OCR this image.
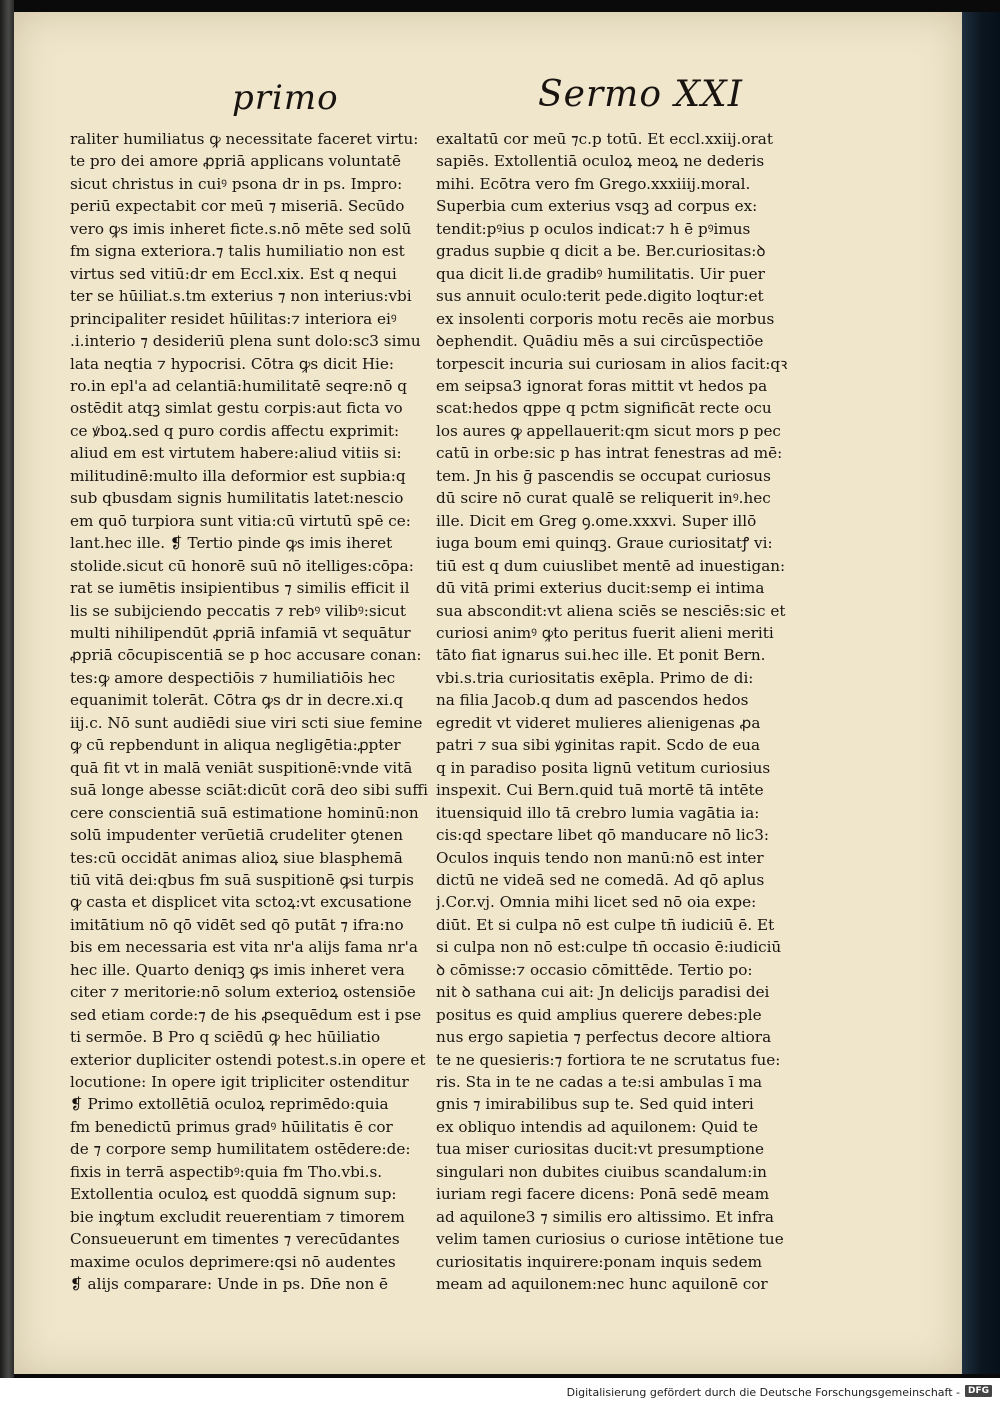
primo	Sermo XXI
raliter humiliatus ꝙ necessitate faceret virtu:
te pro dei amore ꝓpriā applicans voluntatē
sicut christus in cuiꝰ psona dr in ps. Impro:
periū expectabit cor meū ⁊ miseriā. Secūdo
vero ꝙs imis inheret ficte.s.nō mēte sed solū
fm signa exteriora.⁊ talis humiliatio non est
virtus sed vitiū:dr em Eccl.xix. Est q nequi
ter se hūiliat.s.tm exterius ⁊ non interius:vbi
principaliter residet hūilitas:⁊ interiora eiꝰ
.i.interio ⁊ desideriū plena sunt dolo:sc3 simu
lata neqtia ⁊ hypocrisi. Cōtra ꝙs dicit Hie:
ro.in epl'a ad celantiā:humilitatē seqre:nō q
ostēdit atqꝫ simlat gestu corpis:aut ficta vo
ce ꝟboꝝ.sed q puro cordis affectu exprimit:
aliud em est virtutem habere:aliud vitiis si:
militudinē:multo illa deformior est supbia:q
sub qbusdam signis humilitatis latet:nescio
em quō turpiora sunt vitia:cū virtutū spē ce:
lant.hec ille. ❡ Tertio pinde ꝙs imis iheret
stolide.sicut cū honorē suū nō itelliges:cōpa:
rat se iumētis insipientibus ⁊ similis efficit il
lis se subijciendo peccatis ⁊ rebꝰ vilibꝰ:sicut
multi nihilipendūt ꝓpriā infamiā vt sequātur
ꝓpriā cōcupiscentiā se p hoc accusare conan:
tes:ꝙ amore despectiōis ⁊ humiliatiōis hec
equanimit tolerāt. Cōtra ꝙs dr in decre.xi.q
iij.c. Nō sunt audiēdi siue viri scti siue femine
ꝙ cū repbendunt in aliqua negligētia:ꝓpter
quā fit vt in malā veniāt suspitionē:vnde vitā
suā longe abesse sciāt:dicūt corā deo sibi suffi
cere conscientiā suā estimatione hominū:non
solū impudenter verūetiā crudeliter ꝯtenen
tes:cū occidāt animas alioꝝ siue blasphemā
tiū vitā dei:qbus fm suā suspitionē ꝙsi turpis
ꝙ casta et displicet vita sctoꝝ:vt excusatione
imitātium nō qō vidēt sed qō putāt ⁊ ifra:no
bis em necessaria est vita nr'a alijs fama nr'a
hec ille. Quarto deniqꝫ ꝙs imis inheret vera
citer ⁊ meritorie:nō solum exterioꝝ ostensiōe
sed etiam corde:⁊ de his ꝓsequēdum est i pse
ti sermōe. B Pro q sciēdū ꝙ hec hūiliatio
exterior dupliciter ostendi potest.s.in opere et
locutione: In opere igit tripliciter ostenditur
❡ Primo extollētiā oculoꝝ reprimēdo:quia
fm benedictū primus gradꝰ hūilitatis ē cor
de ⁊ corpore semp humilitatem ostēdere:de:
fixis in terrā aspectibꝰ:quia fm Tho.vbi.s.
Extollentia oculoꝝ est quoddā signum sup:
bie inꝙtum excludit reuerentiam ⁊ timorem
Consueuerunt em timentes ⁊ verecūdantes
maxime oculos deprimere:qsi nō audentes
❡ alijs comparare: Unde in ps. Dn̄e non ē
exaltatū cor meū ⁊c.p totū. Et eccl.xxiij.orat
sapiēs. Extollentiā oculoꝝ meoꝝ ne dederis
mihi. Ecōtra vero fm Grego.xxxiiij.moral.
Superbia cum exterius vsqꝫ ad corpus ex:
tendit:pꝰius p oculos indicat:⁊ h ē pꝰimus
gradus supbie q dicit a be. Ber.curiositas:ꝺ
qua dicit li.de gradibꝰ humilitatis. Uir puer
sus annuit oculo:terit pede.digito loqtur:et
ex insolenti corporis motu recēs aie morbus
ꝺephendit. Quādiu mēs a sui circūspectiōe
torpescit incuria sui curiosam in alios facit:qꝛ
em seipsa3 ignorat foras mittit vt hedos pa
scat:hedos qppe q pctm significāt recte ocu
los aures ꝙ appellauerit:qm sicut mors p pec
catū in orbe:sic p has intrat fenestras ad mē:
tem. Jn his ḡ pascendis se occupat curiosus
dū scire nō curat qualē se reliquerit inꝰ.hec
ille. Dicit em Greg ꝯ.ome.xxxvi. Super illō
iuga boum emi quinqꝫ. Graue curiositatꝭ vi:
tiū est q dum cuiuslibet mentē ad inuestigan:
dū vitā primi exterius ducit:semp ei intima
sua abscondit:vt aliena sciēs se nesciēs:sic et
curiosi animꝰ ꝙto peritus fuerit alieni meriti
tāto fiat ignarus sui.hec ille. Et ponit Bern.
vbi.s.tria curiositatis exēpla. Primo de di:
na filia Jacob.q dum ad pascendos hedos
egredit vt videret mulieres alienigenas ꝓa
patri ⁊ sua sibi ꝟginitas rapit. Scdo de eua
q in paradiso posita lignū vetitum curiosius
inspexit. Cui Bern.quid tuā mortē tā intēte
ituensiquid illo tā crebro lumia vagātia ia:
cis:qd spectare libet qō manducare nō lic3:
Oculos inquis tendo non manū:nō est inter
dictū ne videā sed ne comedā. Ad qō aplus
j.Cor.vj. Omnia mihi licet sed nō oia expe:
diūt. Et si culpa nō est culpe tn̄ iudiciū ē. Et
si culpa non nō est:culpe tn̄ occasio ē:iudiciū
ꝺ cōmisse:⁊ occasio cōmittēde. Tertio po:
nit ꝺ sathana cui ait: Jn delicijs paradisi dei
positus es quid amplius querere debes:ple
nus ergo sapietia ⁊ perfectus decore altiora
te ne quesieris:⁊ fortiora te ne scrutatus fue:
ris. Sta in te ne cadas a te:si ambulas ī ma
gnis ⁊ imirabilibus sup te. Sed quid interi
ex obliquo intendis ad aquilonem: Quid te
tua miser curiositas ducit:vt presumptione
singulari non dubites ciuibus scandalum:in
iuriam regi facere dicens: Ponā sedē meam
ad aquilone3 ⁊ similis ero altissimo. Et infra
velim tamen curiosius o curiose intētione tue
curiositatis inquirere:ponam inquis sedem
meam ad aquilonem:nec hunc aquilonē cor
Digitalisierung gefördert durch die Deutsche Forschungsgemeinschaft - DFG
